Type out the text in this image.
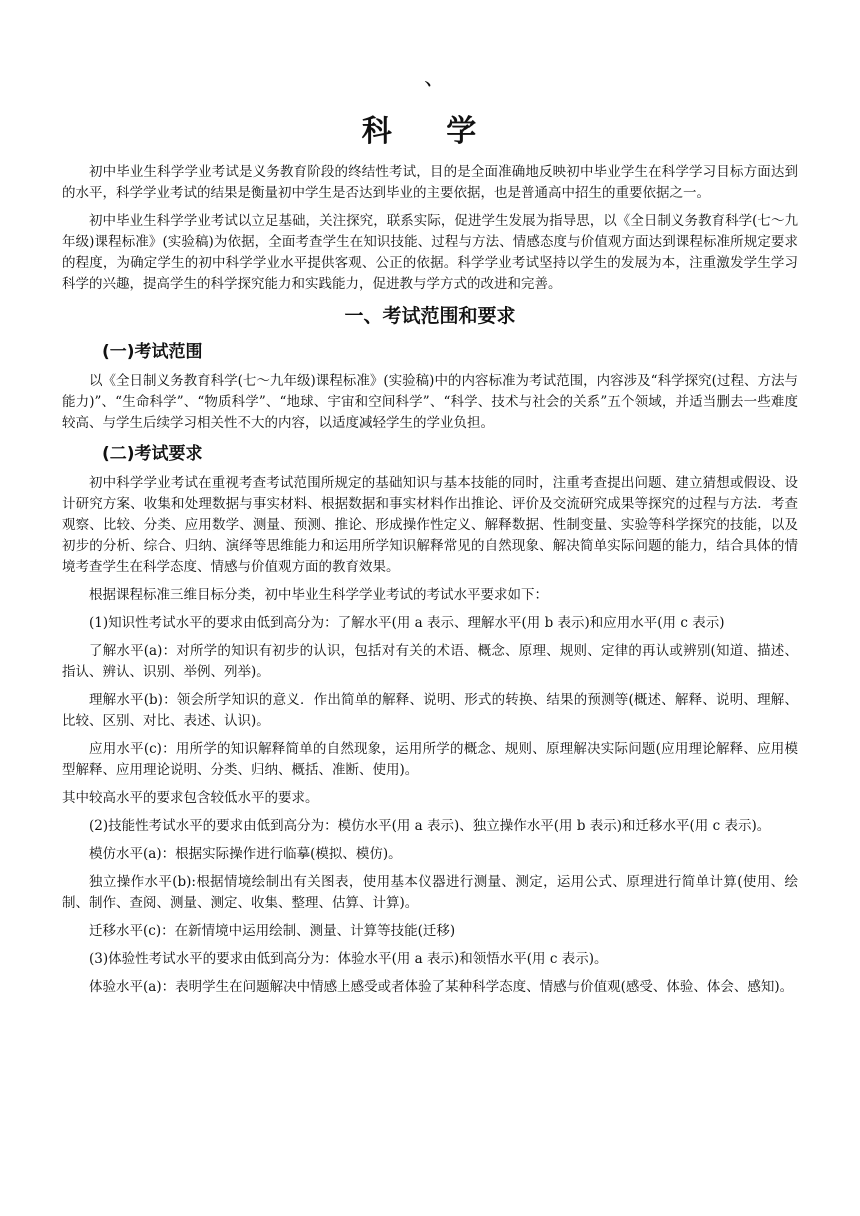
、
科 学

初中毕业生科学学业考试是义务教育阶段的终结性考试，目的是全面准确地反映初中毕业学生在科学学习目标方面达到的水平，科学学业考试的结果是衡量初中学生是否达到毕业的主要依据，也是普通高中招生的重要依据之一。

初中毕业生科学学业考试以立足基础，关注探究，联系实际，促进学生发展为指导思，以《全日制义务教育科学(七～九年级)课程标准》(实验稿)为依据，全面考查学生在知识技能、过程与方法、情感态度与价值观方面达到课程标准所规定要求的程度，为确定学生的初中科学学业水平提供客观、公正的依据。科学学业考试坚持以学生的发展为本，注重激发学生学习科学的兴趣，提高学生的科学探究能力和实践能力，促进教与学方式的改进和完善。

一、考试范围和要求
(一)考试范围

以《全日制义务教育科学(七～九年级)课程标准》(实验稿)中的内容标准为考试范围，内容涉及“科学探究(过程、方法与能力)”、“生命科学”、“物质科学”、“地球、宇宙和空间科学”、“科学、技术与社会的关系”五个领域，并适当删去一些难度较高、与学生后续学习相关性不大的内容，以适度减轻学生的学业负担。

(二)考试要求

初中科学学业考试在重视考查考试范围所规定的基础知识与基本技能的同时，注重考查提出问题、建立猜想或假设、设计研究方案、收集和处理数据与事实材料、根据数据和事实材料作出推论、评价及交流研究成果等探究的过程与方法．考查观察、比较、分类、应用数学、测量、预测、推论、形成操作性定义、解释数据、性制变量、实验等科学探究的技能，以及初步的分析、综合、归纳、演绎等思维能力和运用所学知识解释常见的自然现象、解决简单实际问题的能力，结合具体的情境考查学生在科学态度、情感与价值观方面的教育效果。

根据课程标准三维目标分类，初中毕业生科学学业考试的考试水平要求如下：

(1)知识性考试水平的要求由低到高分为：了解水平(用 a 表示、理解水平(用 b 表示)和应用水平(用 c 表示)

了解水平(a)：对所学的知识有初步的认识，包括对有关的术语、概念、原理、规则、定律的再认或辨别(知道、描述、指认、辨认、识别、举例、列举)。

理解水平(b)：领会所学知识的意义．作出简单的解释、说明、形式的转换、结果的预测等(概述、解释、说明、理解、比较、区别、对比、表述、认识)。

应用水平(c)：用所学的知识解释简单的自然现象，运用所学的概念、规则、原理解决实际问题(应用理论解释、应用模型解释、应用理论说明、分类、归纳、概括、准断、使用)。

其中较高水平的要求包含较低水平的要求。

(2)技能性考试水平的要求由低到高分为：模仿水平(用 a 表示)、独立操作水平(用 b 表示)和迁移水平(用 c 表示)。

模仿水平(a)：根据实际操作进行临摹(模拟、模仿)。

独立操作水平(b):根据情境绘制出有关图表，使用基本仪器进行测量、测定，运用公式、原理进行简单计算(使用、绘制、制作、查阅、测量、测定、收集、整理、估算、计算)。

迁移水平(c)：在新情境中运用绘制、测量、计算等技能(迁移)

(3)体验性考试水平的要求由低到高分为：体验水平(用 a 表示)和领悟水平(用 c 表示)。

体验水平(a)：表明学生在问题解决中情感上感受或者体验了某种科学态度、情感与价值观(感受、体验、体会、感知)。
